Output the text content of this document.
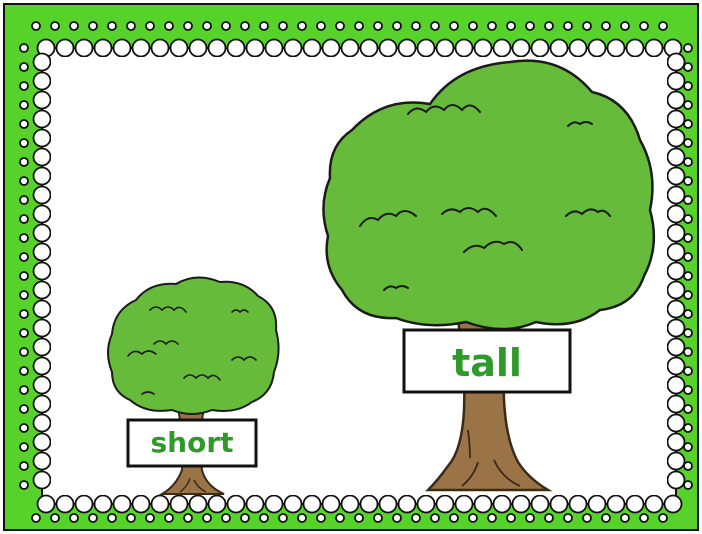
short
tall
